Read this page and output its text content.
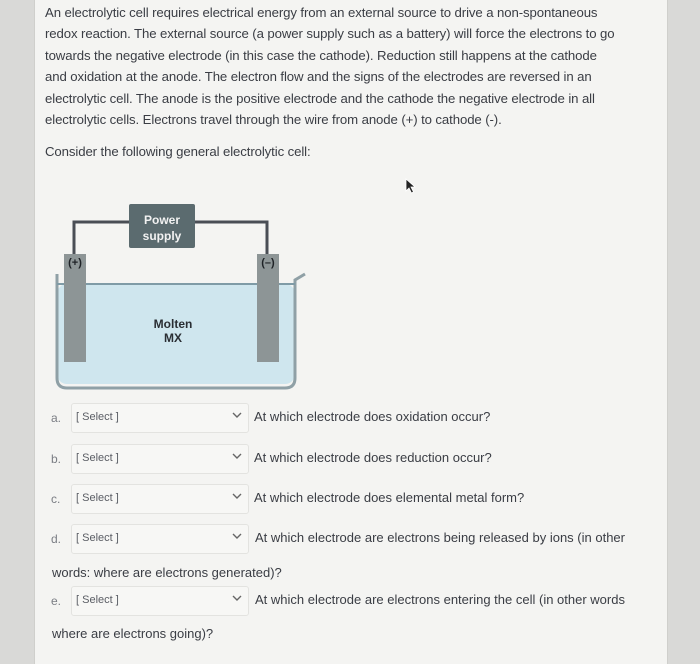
An electrolytic cell requires electrical energy from an external source to drive a non-spontaneous
redox reaction. The external source (a power supply such as a battery) will force the electrons to go
towards the negative electrode (in this case the cathode). Reduction still happens at the cathode
and oxidation at the anode. The electron flow and the signs of the electrodes are reversed in an
electrolytic cell. The anode is the positive electrode and the cathode the negative electrode in all
electrolytic cells. Electrons travel through the wire from anode (+) to cathode (-).

Consider the following general electrolytic cell:

Power
supply
(+)	(–)
Molten
MX
a.	[ Select ]	At which electrode does oxidation occur?
b.	[ Select ]	At which electrode does reduction occur?
c.	[ Select ]	At which electrode does elemental metal form?
d.	[ Select ]	At which electrode are electrons being released by ions (in other
words: where are electrons generated)?
e.	[ Select ]	At which electrode are electrons entering the cell (in other words
where are electrons going)?
